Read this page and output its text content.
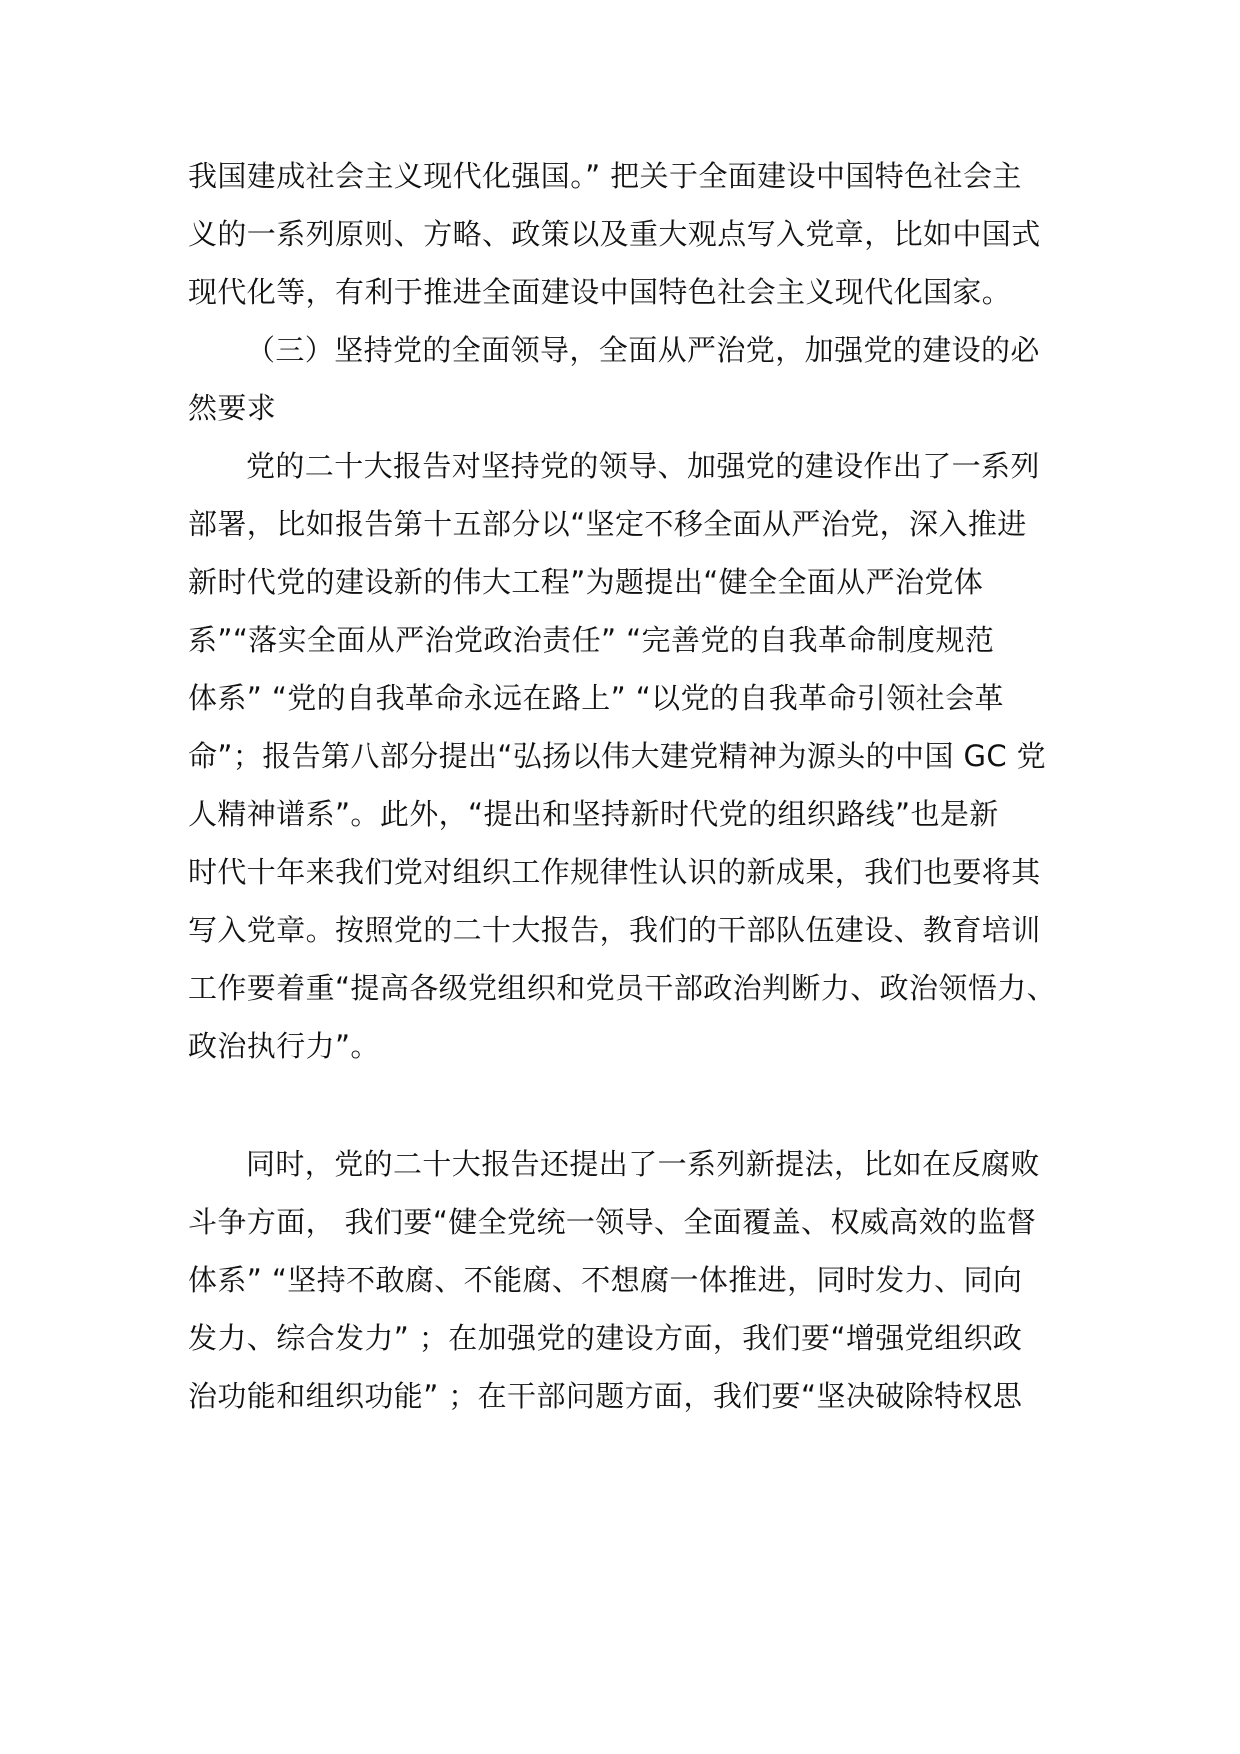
我国建成社会主义现代化强国。” 把关于全面建设中国特色社会主

义的一系列原则、方略、政策以及重大观点写入党章，比如中国式

现代化等，有利于推进全面建设中国特色社会主义现代化国家。

（三）坚持党的全面领导，全面从严治党，加强党的建设的必

然要求

党的二十大报告对坚持党的领导、加强党的建设作出了一系列

部署，比如报告第十五部分以“坚定不移全面从严治党，深入推进

新时代党的建设新的伟大工程”为题提出“健全全面从严治党体

系”“落实全面从严治党政治责任” “完善党的自我革命制度规范

体系” “党的自我革命永远在路上” “以党的自我革命引领社会革

命”；报告第八部分提出“弘扬以伟大建党精神为源头的中国 GC 党

人精神谱系”。此外，“提出和坚持新时代党的组织路线”也是新

时代十年来我们党对组织工作规律性认识的新成果，我们也要将其

写入党章。按照党的二十大报告，我们的干部队伍建设、教育培训

工作要着重“提高各级党组织和党员干部政治判断力、政治领悟力、

政治执行力”。

同时，党的二十大报告还提出了一系列新提法，比如在反腐败

斗争方面， 我们要“健全党统一领导、全面覆盖、权威高效的监督

体系” “坚持不敢腐、不能腐、不想腐一体推进，同时发力、同向

发力、综合发力” ；在加强党的建设方面，我们要“增强党组织政

治功能和组织功能” ；在干部问题方面，我们要“坚决破除特权思
